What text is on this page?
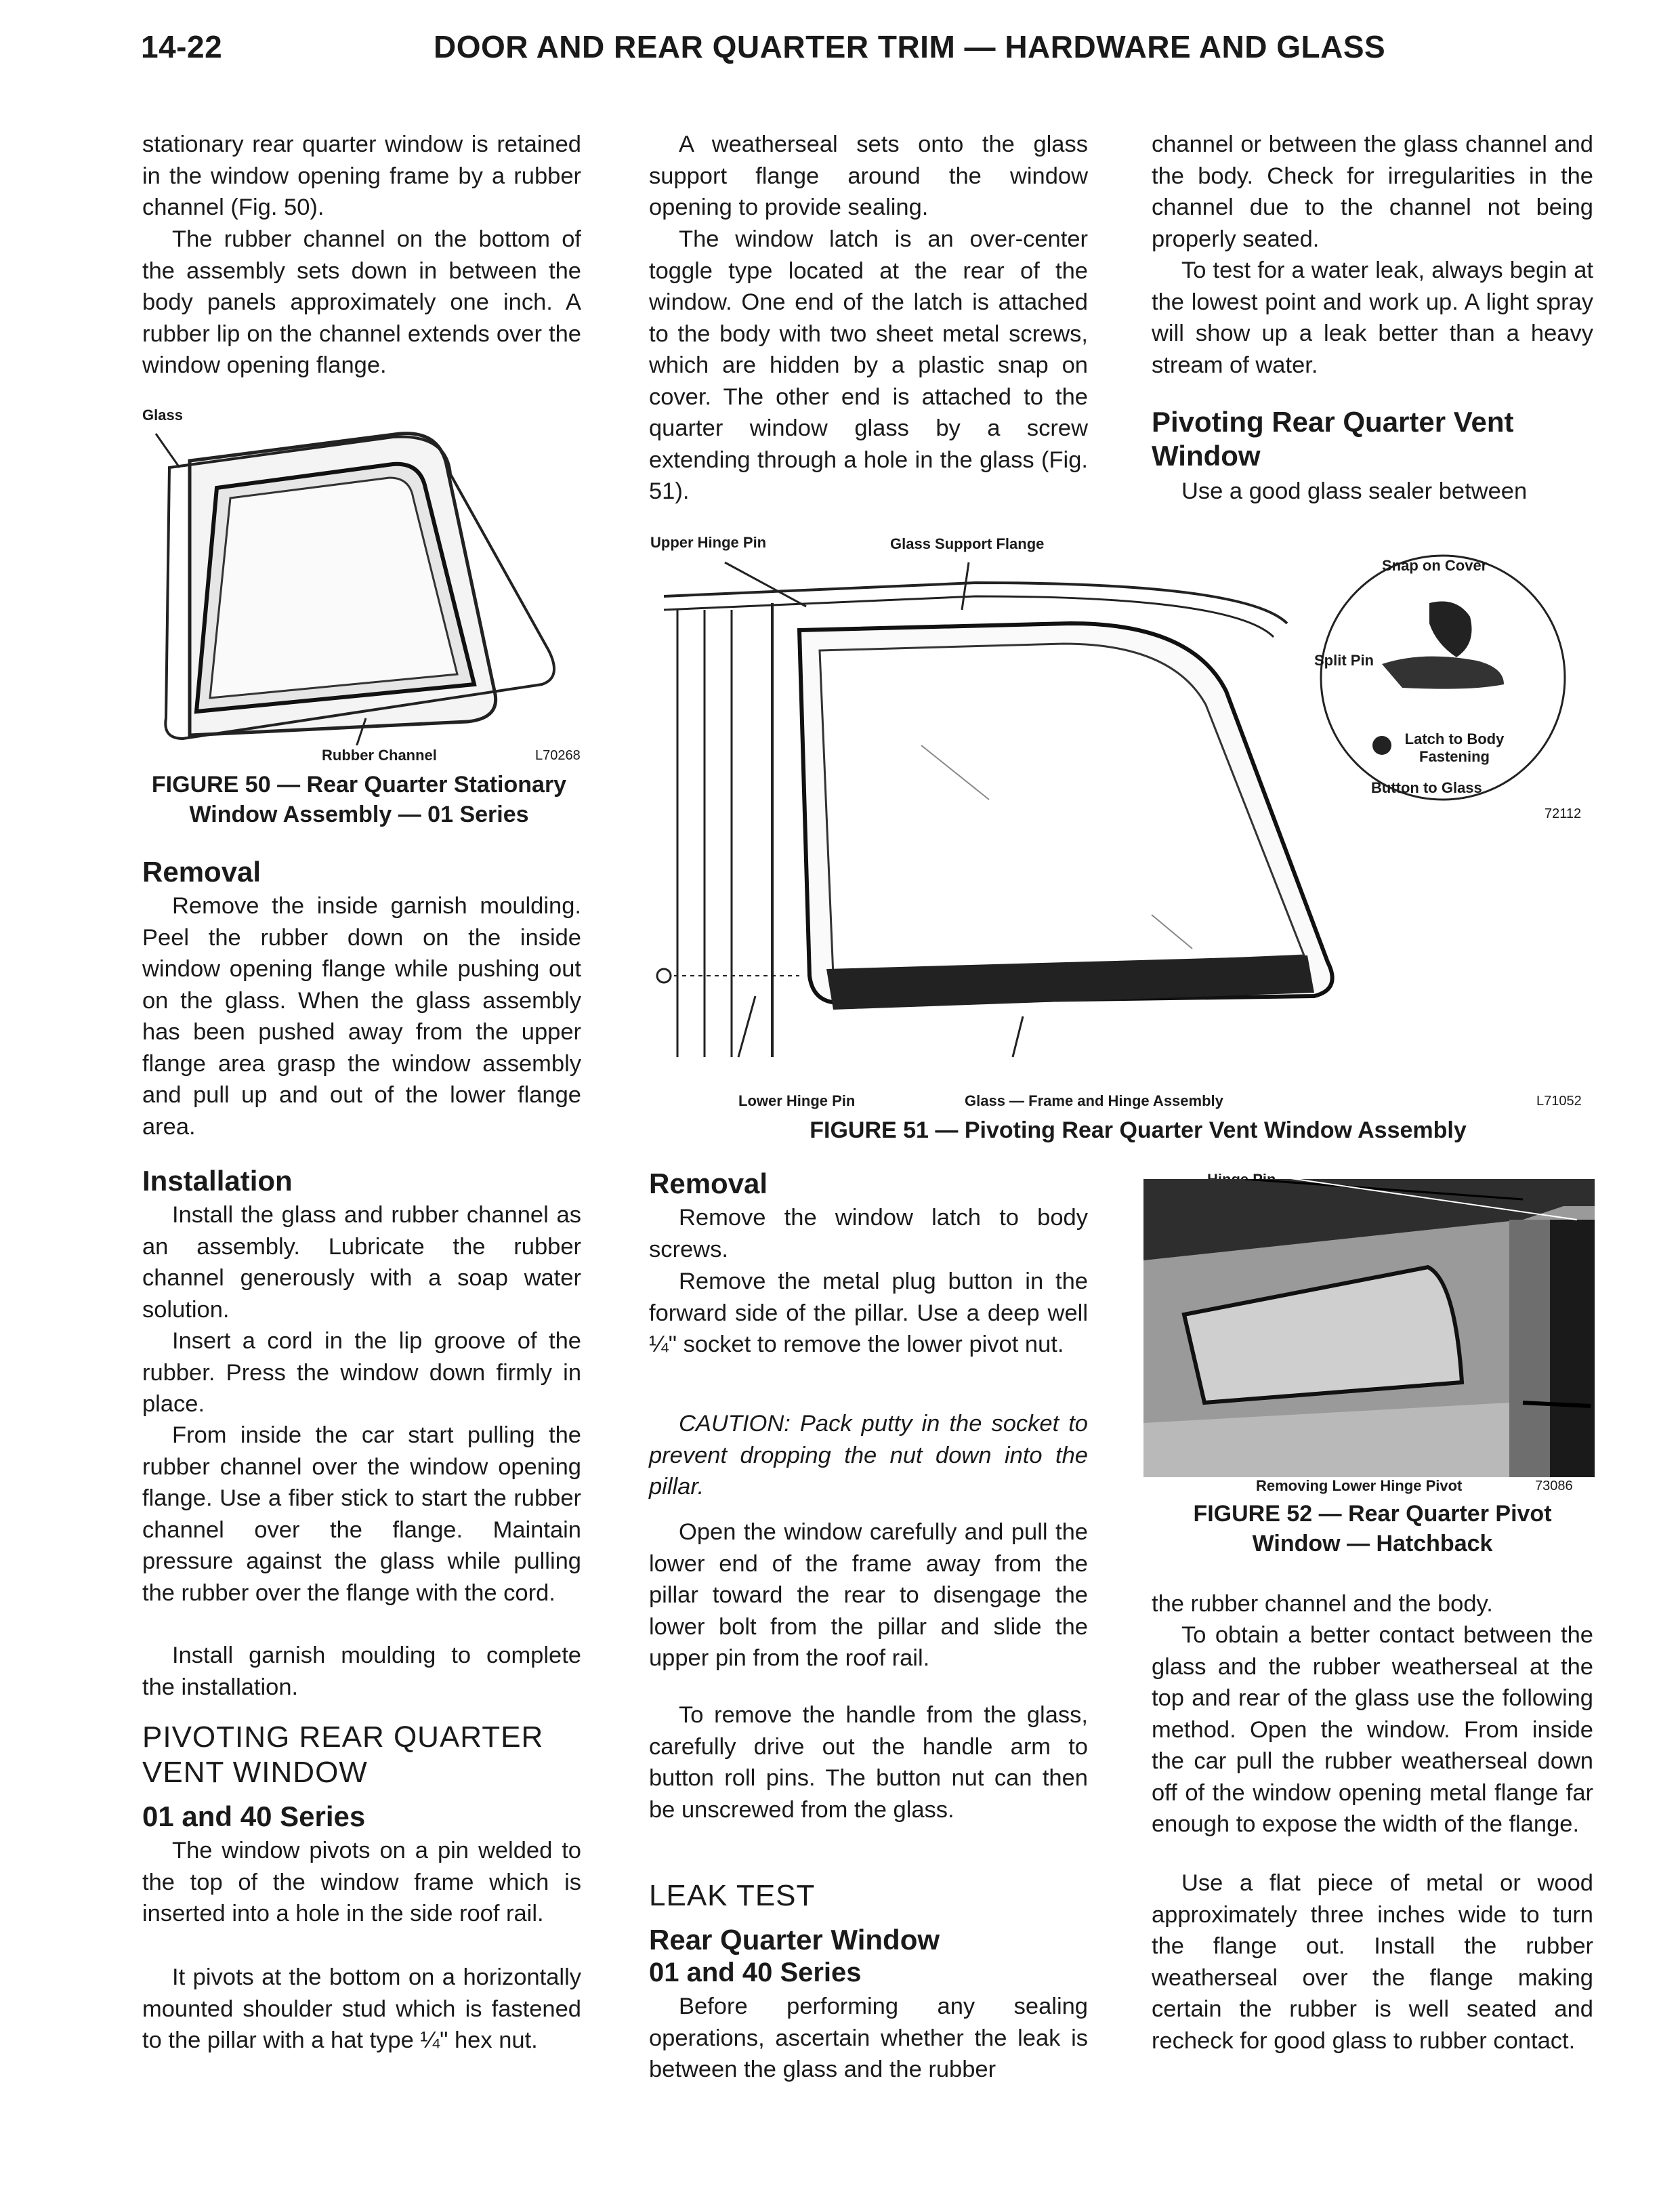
14-22	DOOR AND REAR QUARTER TRIM — HARDWARE AND GLASS

stationary rear quarter window is retained in the window opening frame by a rubber channel (Fig. 50).

The rubber channel on the bottom of the assembly sets down in between the body panels approximately one inch. A rubber lip on the channel extends over the window opening flange.

Glass
Rubber Channel	L70268
FIGURE 50 — Rear Quarter Stationary Window Assembly — 01 Series
Removal

Remove the inside garnish moulding. Peel the rubber down on the inside window opening flange while pushing out on the glass. When the glass assembly has been pushed away from the upper flange area grasp the window assembly and pull up and out of the lower flange area.

Installation

Install the glass and rubber channel as an assembly. Lubricate the rubber channel generously with a soap water solution.

Insert a cord in the lip groove of the rubber. Press the window down firmly in place.

From inside the car start pulling the rubber channel over the window opening flange. Use a fiber stick to start the rubber channel over the flange. Maintain pressure against the glass while pulling the rubber over the flange with the cord.

Install garnish moulding to complete the installation.

PIVOTING REAR QUARTER VENT WINDOW
01 and 40 Series

The window pivots on a pin welded to the top of the window frame which is inserted into a hole in the side roof rail.

It pivots at the bottom on a horizontally mounted shoulder stud which is fastened to the pillar with a hat type ¼" hex nut.

A weatherseal sets onto the glass support flange around the window opening to provide sealing.

The window latch is an over-center toggle type located at the rear of the window. One end of the latch is attached to the body with two sheet metal screws, which are hidden by a plastic snap on cover. The other end is attached to the quarter window glass by a screw extending through a hole in the glass (Fig. 51).

channel or between the glass channel and the body. Check for irregularities in the channel due to the channel not being properly seated.

To test for a water leak, always begin at the lowest point and work up. A light spray will show up a leak better than a heavy stream of water.

Pivoting Rear Quarter Vent Window

Use a good glass sealer between

Upper Hinge Pin	Glass Support Flange
Snap on Cover
Split Pin
Latch to Body Fastening
Button to Glass
72112
Lower Hinge Pin	Glass — Frame and Hinge Assembly	L71052
FIGURE 51 — Pivoting Rear Quarter Vent Window Assembly
Removal

Remove the window latch to body screws.

Remove the metal plug button in the forward side of the pillar. Use a deep well ¼" socket to remove the lower pivot nut.

CAUTION: Pack putty in the socket to prevent dropping the nut down into the pillar.

Open the window carefully and pull the lower end of the frame away from the pillar toward the rear to disengage the lower bolt from the pillar and slide the upper pin from the roof rail.

To remove the handle from the glass, carefully drive out the handle arm to button roll pins. The button nut can then be unscrewed from the glass.

LEAK TEST
Rear Quarter Window
01 and 40 Series

Before performing any sealing operations, ascertain whether the leak is between the glass and the rubber

Removing Lower Hinge Pivot	73086
FIGURE 52 — Rear Quarter Pivot Window — Hatchback

the rubber channel and the body.

To obtain a better contact between the glass and the rubber weatherseal at the top and rear of the glass use the following method. Open the window. From inside the car pull the rubber weatherseal down off of the window opening metal flange far enough to expose the width of the flange.

Use a flat piece of metal or wood approximately three inches wide to turn the flange out. Install the rubber weatherseal over the flange making certain the rubber is well seated and recheck for good glass to rubber contact.
